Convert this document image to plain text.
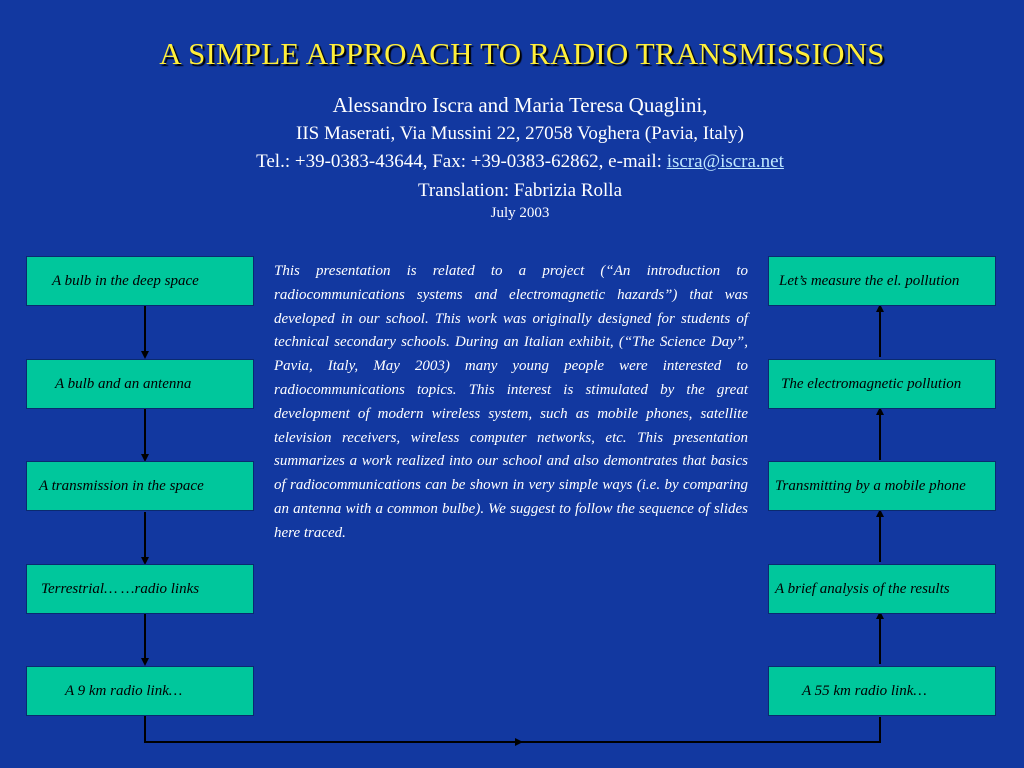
A SIMPLE APPROACH TO RADIO TRANSMISSIONS
Alessandro Iscra and Maria Teresa Quaglini,
IIS Maserati, Via Mussini 22, 27058 Voghera (Pavia, Italy)
Tel.: +39-0383-43644, Fax: +39-0383-62862, e-mail: iscra@iscra.net
Translation: Fabrizia Rolla
July 2003
A bulb in the deep space
A bulb and an antenna
A transmission in the space
Terrestrial… …radio links
A 9 km radio link…
Let’s measure the el. pollution
The electromagnetic pollution
Transmitting by a mobile phone
A brief analysis of the results
A 55 km radio link…
This presentation is related to a project (“An introduction to radiocommunications systems and electromagnetic hazards”) that was developed in our school. This work was originally designed for students of technical secondary schools. During an Italian exhibit, (“The Science Day”, Pavia, Italy, May 2003) many young people were interested to radiocommunications topics. This interest is stimulated by the great development of modern wireless system, such as mobile phones, satellite television receivers, wireless computer networks, etc. This presentation summarizes a work realized into our school and also demontrates that basics of radiocommunications can be shown in very simple ways (i.e. by comparing an antenna with a common bulbe). We suggest to follow the sequence of slides here traced.
